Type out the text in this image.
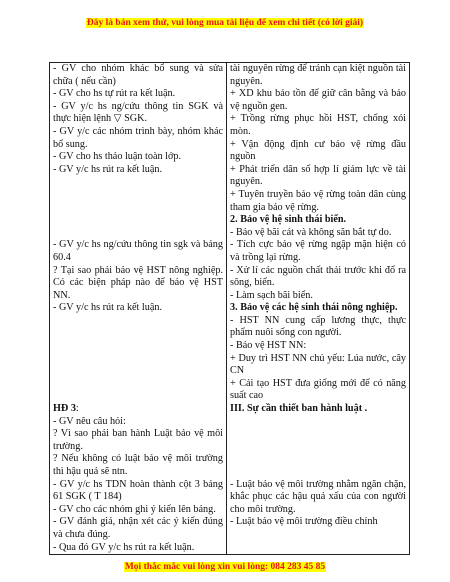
Đây là bản xem thử, vui lòng mua tài liệu để xem chi tiết (có lời giải)
- GV cho nhóm khác bổ sung và sửa chữa ( nếu cần)
- GV cho hs tự rút ra kết luận.
- GV y/c hs ng/cứu thông tin SGK và thực hiện lệnh ▽ SGK.
- GV y/c các nhóm trình bày, nhóm khác bổ sung.
- GV cho hs thảo luận toàn lớp.
- GV y/c hs rút ra kết luận.
- GV y/c hs ng/cứu thông tin sgk và bảng 60.4
? Tại sao phải bảo vệ HST nông nghiệp. Có các biện pháp nào để bảo vệ HST NN.
- GV y/c hs rút ra kết luận.
HĐ 3:
- GV nêu câu hỏi:
? Vì sao phải ban hành Luật bảo vệ môi trường.
? Nếu không có luật bảo vệ môi trường thì hậu quả sẽ ntn.
- GV y/c hs TDN hoàn thành cột 3 bảng 61 SGK ( T 184)
- GV cho các nhóm ghi ý kiến lên bảng.
- GV đánh giá, nhận xét các ý kiến đúng và chưa đúng.
- Qua đó GV y/c hs rút ra kết luận.

tài nguyên rừng để tránh cạn kiệt nguồn tài nguyên.
+ XD khu bảo tồn để giữ cân bằng và bảo vệ nguồn gen.
+ Trồng rừng phục hồi HST, chống xói mòn.
+ Vận động định cư bảo vệ rừng đầu nguồn
+ Phát triển dân số hợp lí giảm lực về tài nguyên.
+ Tuyên truyền bảo vệ rừng toàn dân cùng tham gia bảo vệ rừng.
2. Bảo vệ hệ sinh thái biển.
- Bảo vệ bãi cát và không săn bắt tự do.
- Tích cực bảo vệ rừng ngập mặn hiện có và trồng lại rừng.
- Xử lí các nguồn chất thải trước khi đổ ra sông, biển.
- Làm sạch bãi biển.
3. Bảo vệ các hệ sinh thái nông nghiệp.
- HST NN cung cấp lương thực, thực phẩm nuôi sống con người.
- Bảo vệ HST NN:
+ Duy trì HST NN chủ yếu: Lúa nước, cây CN
+ Cải tạo HST đưa giống mới để có năng suất cao
III. Sự cần thiết ban hành luật .
- Luật bảo vệ môi trường nhằm ngăn chặn, khắc phục các hậu quả xấu của con người cho môi trường.
- Luật bảo vệ môi trường điều chỉnh
Mọi thắc mắc vui lòng xin vui lòng: 084 283 45 85
